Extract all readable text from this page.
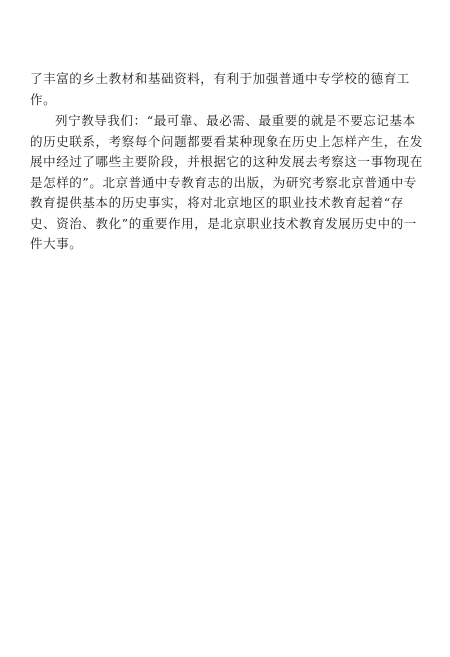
了丰富的乡土教材和基础资料，有利于加强普通中专学校的德育工

作。

列宁教导我们：“最可靠、最必需、最重要的就是不要忘记基本

的历史联系，考察每个问题都要看某种现象在历史上怎样产生，在发

展中经过了哪些主要阶段，并根据它的这种发展去考察这一事物现在

是怎样的”。北京普通中专教育志的出版，为研究考察北京普通中专

教育提供基本的历史事实，将对北京地区的职业技术教育起着“存

史、资治、教化”的重要作用，是北京职业技术教育发展历史中的一

件大事。
